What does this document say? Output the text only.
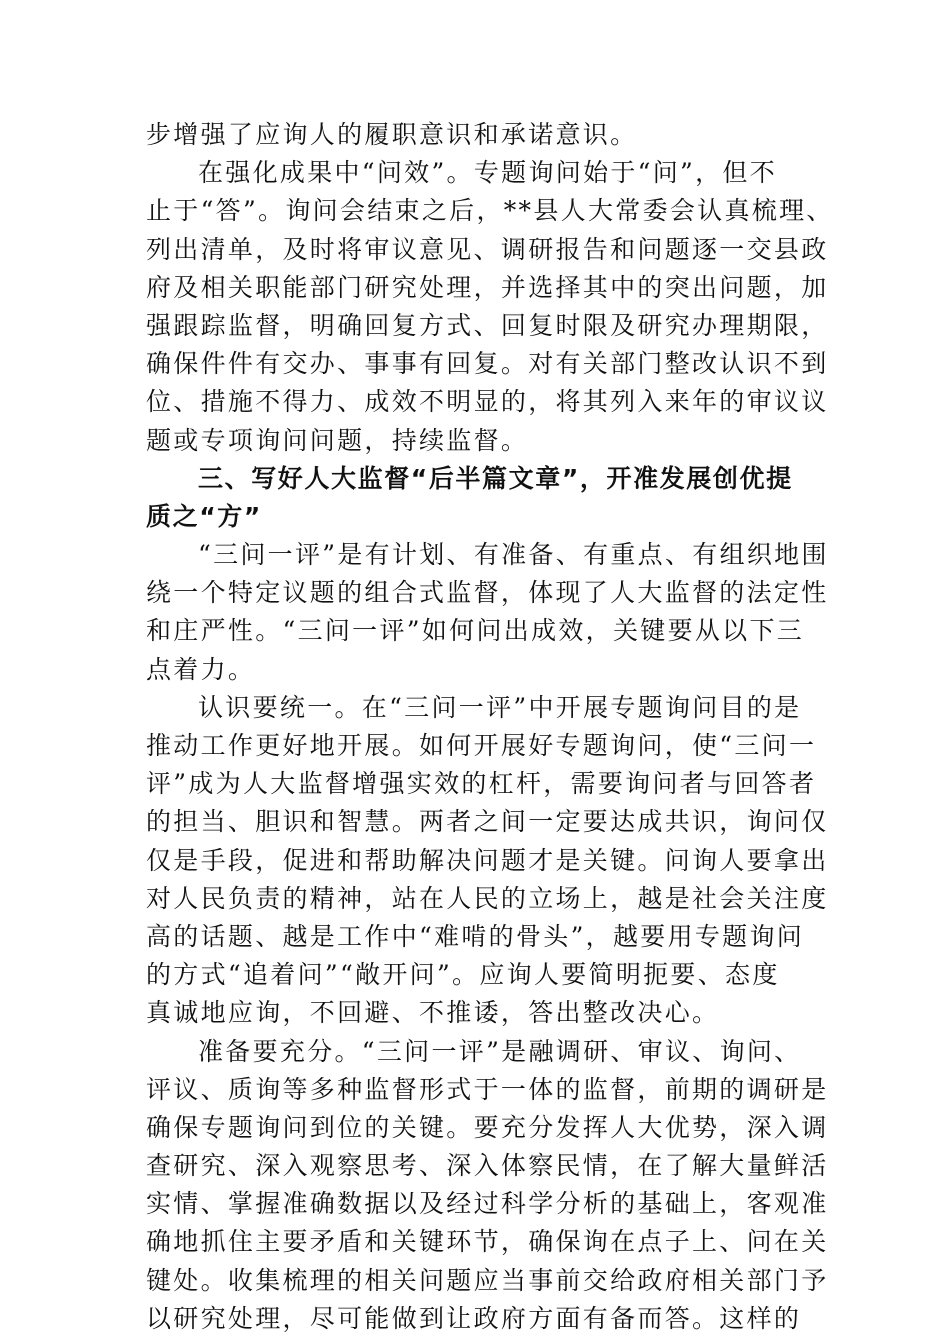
步增强了应询人的履职意识和承诺意识。
在强化成果中“问效”。专题询问始于“问”，但不
止于“答”。询问会结束之后，**县人大常委会认真梳理、
列出清单，及时将审议意见、调研报告和问题逐一交县政
府及相关职能部门研究处理，并选择其中的突出问题，加
强跟踪监督，明确回复方式、回复时限及研究办理期限，
确保件件有交办、事事有回复。对有关部门整改认识不到
位、措施不得力、成效不明显的，将其列入来年的审议议
题或专项询问问题，持续监督。
三、写好人大监督“后半篇文章”，开准发展创优提
质之“方”
“三问一评”是有计划、有准备、有重点、有组织地围
绕一个特定议题的组合式监督，体现了人大监督的法定性
和庄严性。“三问一评”如何问出成效，关键要从以下三
点着力。
认识要统一。在“三问一评”中开展专题询问目的是
推动工作更好地开展。如何开展好专题询问，使“三问一
评”成为人大监督增强实效的杠杆，需要询问者与回答者
的担当、胆识和智慧。两者之间一定要达成共识，询问仅
仅是手段，促进和帮助解决问题才是关键。问询人要拿出
对人民负责的精神，站在人民的立场上，越是社会关注度
高的话题、越是工作中“难啃的骨头”，越要用专题询问
的方式“追着问”“敞开问”。应询人要简明扼要、态度
真诚地应询，不回避、不推诿，答出整改决心。
准备要充分。“三问一评”是融调研、审议、询问、
评议、质询等多种监督形式于一体的监督，前期的调研是
确保专题询问到位的关键。要充分发挥人大优势，深入调
查研究、深入观察思考、深入体察民情，在了解大量鲜活
实情、掌握准确数据以及经过科学分析的基础上，客观准
确地抓住主要矛盾和关键环节，确保询在点子上、问在关
键处。收集梳理的相关问题应当事前交给政府相关部门予
以研究处理，尽可能做到让政府方面有备而答。这样的
